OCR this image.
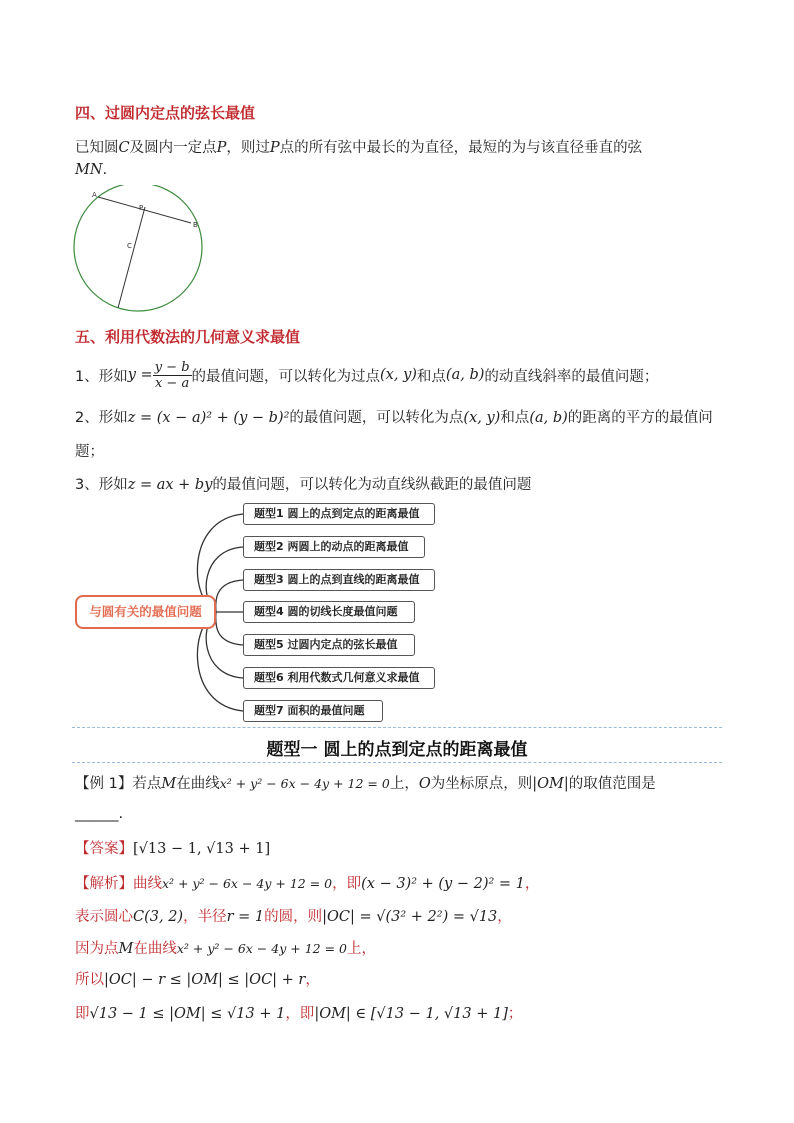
四、过圆内定点的弦长最值
已知圆C及圆内一定点P，则过P点的所有弦中最长的为直径，最短的为与该直径垂直的弦
MN.
A
B
P
C
五、利用代数法的几何意义求最值
1、形如 $y = \frac{y - b}{x - a}$ 的最值问题，可以转化为过点 (x, y) 和点 (a, b) 的动直线斜率的最值问题；
2、形如z = (x − a)² + (y − b)²的最值问题，可以转化为点(x, y)和点(a, b)的距离的平方的最值问
题；
3、形如z = ax + by的最值问题，可以转化为动直线纵截距的最值问题
与圆有关的最值问题
题型1 圆上的点到定点的距离最值
题型2 两圆上的动点的距离最值
题型3 圆上的点到直线的距离最值
题型4 圆的切线长度最值问题
题型5 过圆内定点的弦长最值
题型6 利用代数式几何意义求最值
题型7 面积的最值问题
题型一 圆上的点到定点的距离最值
【例 1】若点M在曲线x² + y² − 6x − 4y + 12 = 0上，O为坐标原点，则|OM|的取值范围是
______.
【答案】[√13 − 1, √13 + 1]
【解析】曲线x² + y² − 6x − 4y + 12 = 0，即(x − 3)² + (y − 2)² = 1，
表示圆心C(3, 2)，半径r = 1的圆，则|OC| = √(3² + 2²) = √13，
因为点M在曲线x² + y² − 6x − 4y + 12 = 0上，
所以|OC| − r ≤ |OM| ≤ |OC| + r，
即√13 − 1 ≤ |OM| ≤ √13 + 1，即|OM| ∈ [√13 − 1, √13 + 1]；
